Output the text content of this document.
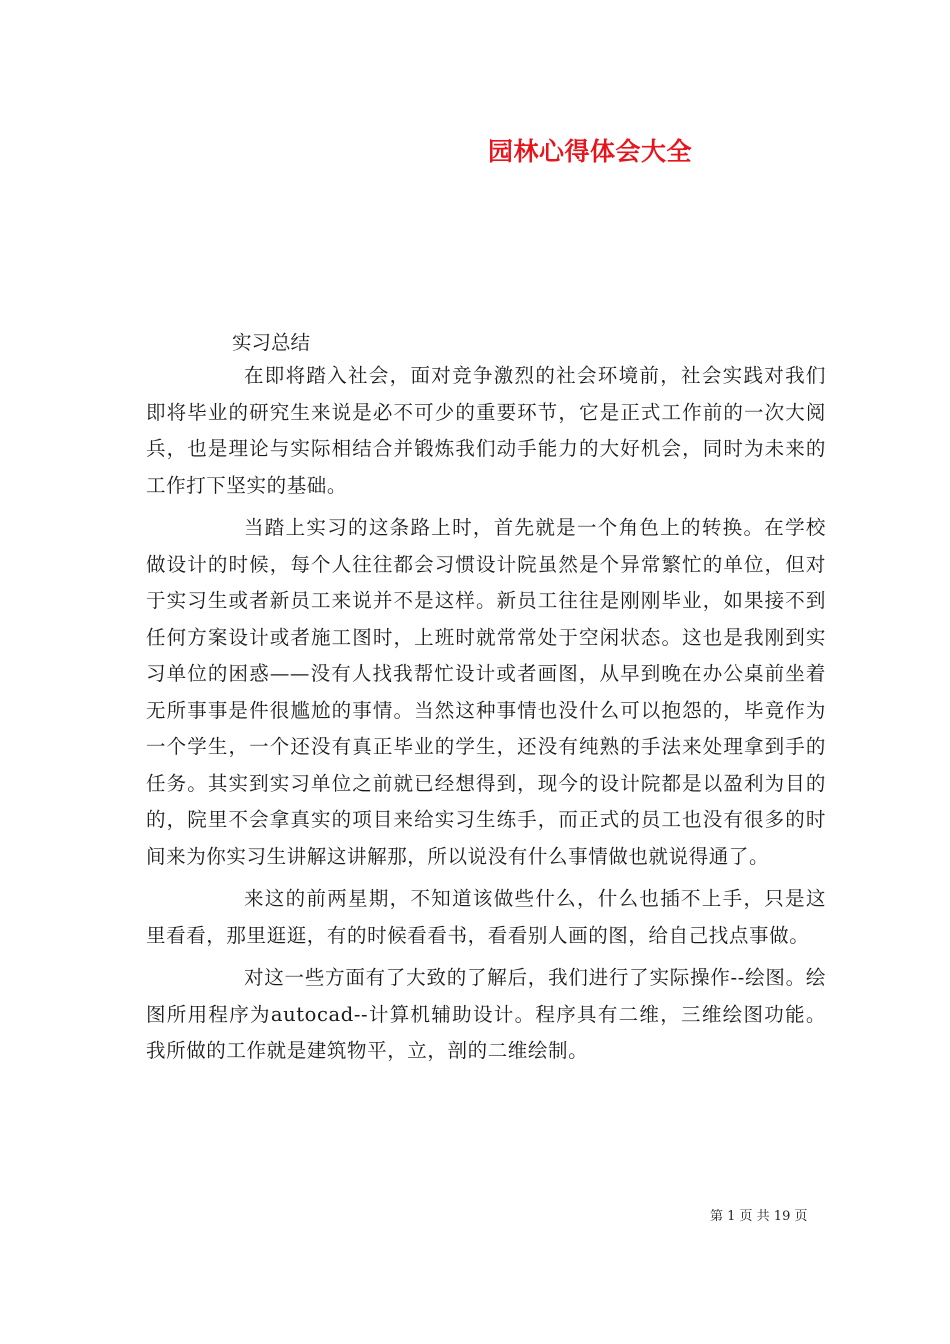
园林心得体会大全
实习总结

在即将踏入社会，面对竞争激烈的社会环境前，社会实践对我们即将毕业的研究生来说是必不可少的重要环节，它是正式工作前的一次大阅兵，也是理论与实际相结合并锻炼我们动手能力的大好机会，同时为未来的工作打下坚实的基础。

当踏上实习的这条路上时，首先就是一个角色上的转换。在学校做设计的时候，每个人往往都会习惯设计院虽然是个异常繁忙的单位，但对于实习生或者新员工来说并不是这样。新员工往往是刚刚毕业，如果接不到任何方案设计或者施工图时，上班时就常常处于空闲状态。这也是我刚到实习单位的困惑——没有人找我帮忙设计或者画图，从早到晚在办公桌前坐着无所事事是件很尴尬的事情。当然这种事情也没什么可以抱怨的，毕竟作为一个学生，一个还没有真正毕业的学生，还没有纯熟的手法来处理拿到手的任务。其实到实习单位之前就已经想得到，现今的设计院都是以盈利为目的的，院里不会拿真实的项目来给实习生练手，而正式的员工也没有很多的时间来为你实习生讲解这讲解那，所以说没有什么事情做也就说得通了。

来这的前两星期，不知道该做些什么，什么也插不上手，只是这里看看，那里逛逛，有的时候看看书，看看别人画的图，给自己找点事做。

对这一些方面有了大致的了解后，我们进行了实际操作--绘图。绘图所用程序为autocad--计算机辅助设计。程序具有二维，三维绘图功能。我所做的工作就是建筑物平，立，剖的二维绘制。

第 1 页 共 19 页
